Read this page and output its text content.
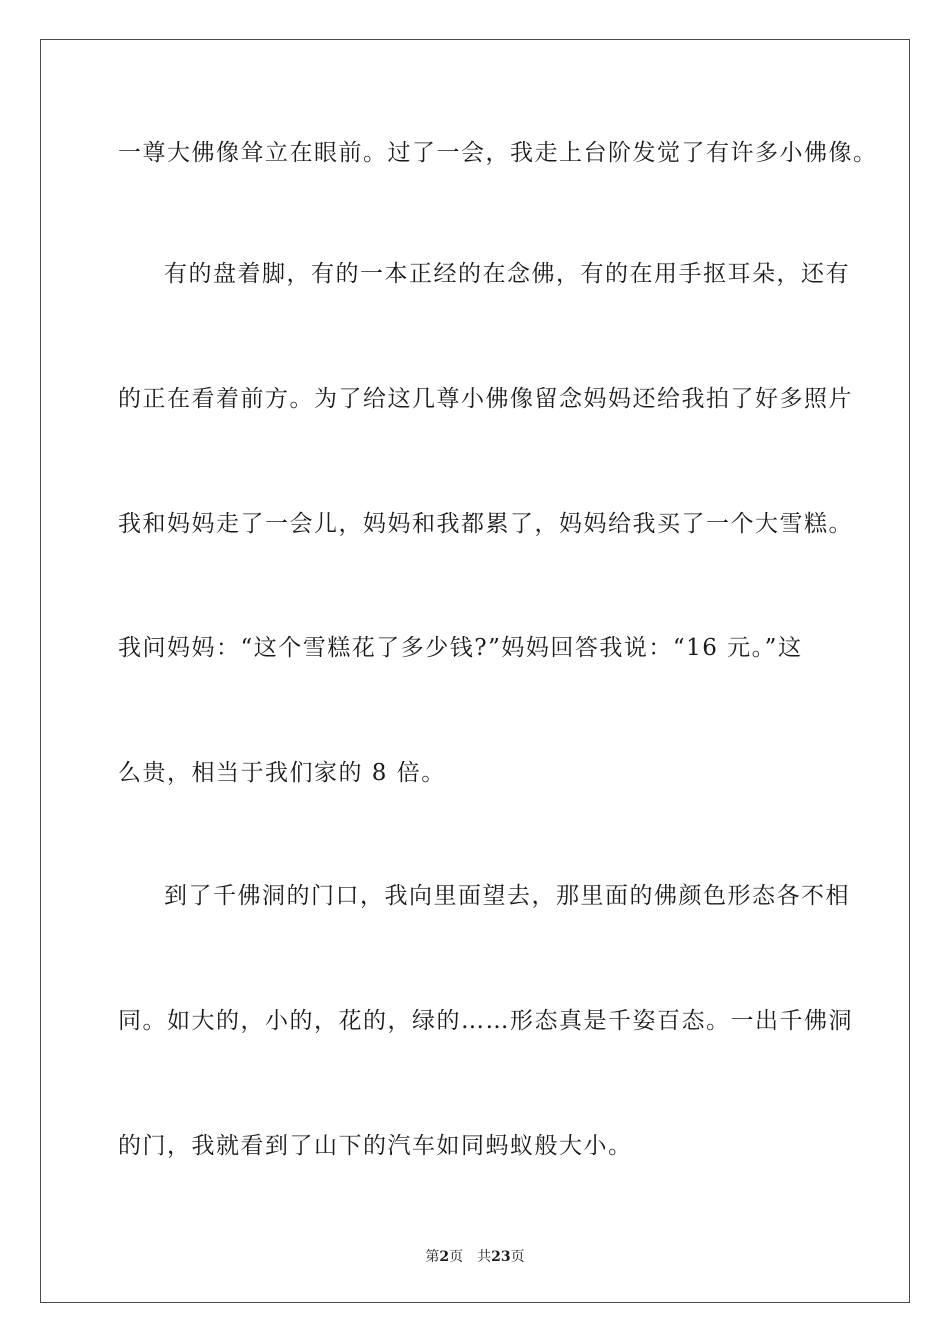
一尊大佛像耸立在眼前。过了一会，我走上台阶发觉了有许多小佛像。
有的盘着脚，有的一本正经的在念佛，有的在用手抠耳朵，还有
的正在看着前方。为了给这几尊小佛像留念妈妈还给我拍了好多照片
我和妈妈走了一会儿，妈妈和我都累了，妈妈给我买了一个大雪糕。
我问妈妈：“这个雪糕花了多少钱?”妈妈回答我说：“16 元。”这
么贵，相当于我们家的 8 倍。
到了千佛洞的门口，我向里面望去，那里面的佛颜色形态各不相
同。如大的，小的，花的，绿的……形态真是千姿百态。一出千佛洞
的门，我就看到了山下的汽车如同蚂蚁般大小。
第2页 共23页
